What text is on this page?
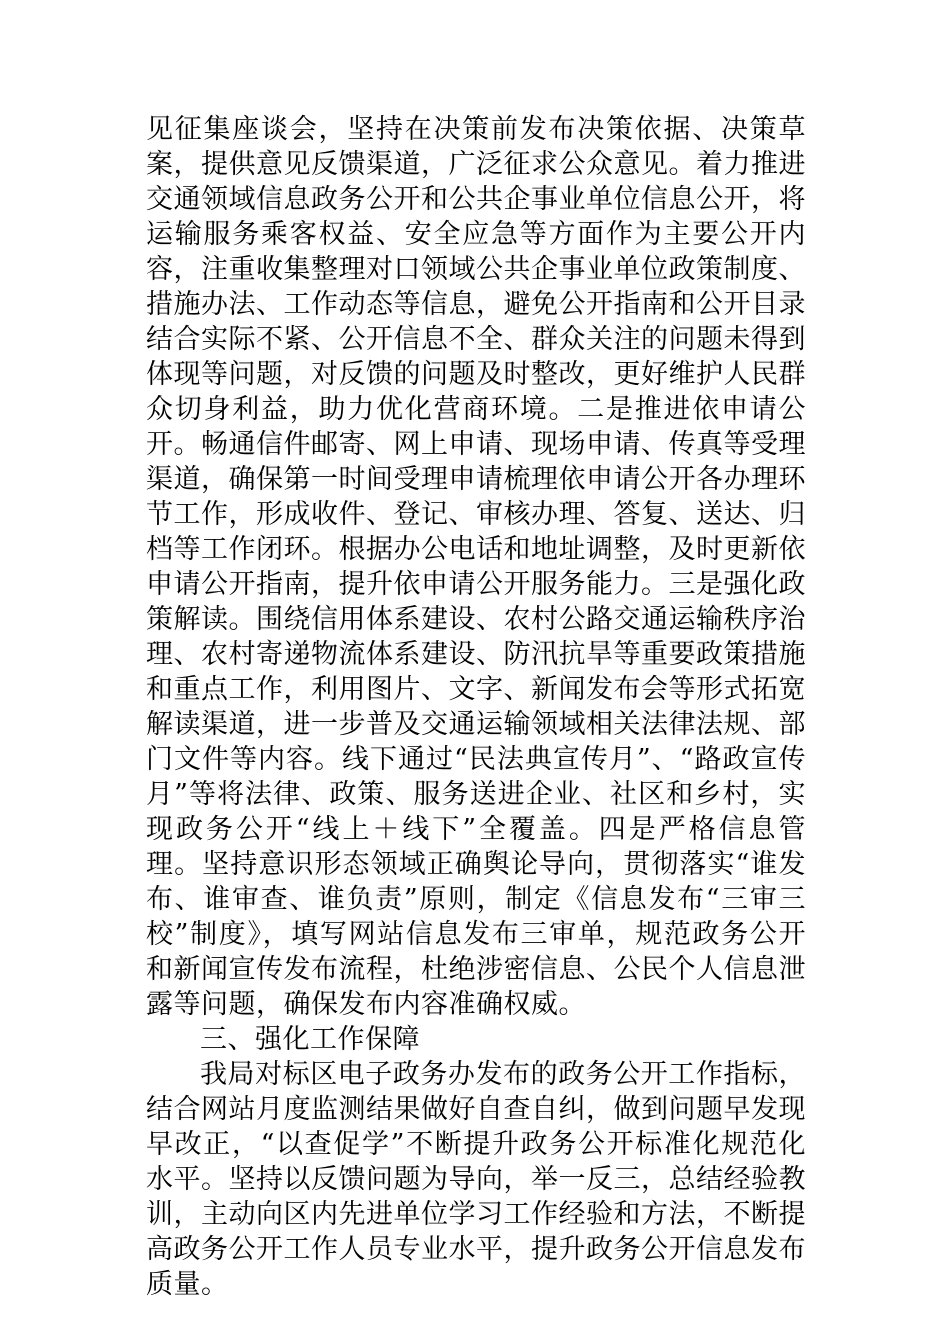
见征集座谈会，坚持在决策前发布决策依据、决策草案，提供意见反馈渠道，广泛征求公众意见。着力推进交通领域信息政务公开和公共企事业单位信息公开，将运输服务乘客权益、安全应急等方面作为主要公开内容，注重收集整理对口领域公共企事业单位政策制度、措施办法、工作动态等信息，避免公开指南和公开目录结合实际不紧、公开信息不全、群众关注的问题未得到体现等问题，对反馈的问题及时整改，更好维护人民群众切身利益，助力优化营商环境。二是推进依申请公开。畅通信件邮寄、网上申请、现场申请、传真等受理渠道，确保第一时间受理申请梳理依申请公开各办理环节工作，形成收件、登记、审核办理、答复、送达、归档等工作闭环。根据办公电话和地址调整，及时更新依申请公开指南，提升依申请公开服务能力。三是强化政策解读。围绕信用体系建设、农村公路交通运输秩序治理、农村寄递物流体系建设、防汛抗旱等重要政策措施和重点工作，利用图片、文字、新闻发布会等形式拓宽解读渠道，进一步普及交通运输领域相关法律法规、部门文件等内容。线下通过“民法典宣传月”、“路政宣传月”等将法律、政策、服务送进企业、社区和乡村，实现政务公开“线上＋线下”全覆盖。四是严格信息管理。坚持意识形态领域正确舆论导向，贯彻落实“谁发布、谁审查、谁负责”原则，制定《信息发布“三审三校”制度》，填写网站信息发布三审单，规范政务公开和新闻宣传发布流程，杜绝涉密信息、公民个人信息泄露等问题，确保发布内容准确权威。

三、强化工作保障

我局对标区电子政务办发布的政务公开工作指标，结合网站月度监测结果做好自查自纠，做到问题早发现早改正，“以查促学”不断提升政务公开标准化规范化水平。坚持以反馈问题为导向，举一反三，总结经验教训，主动向区内先进单位学习工作经验和方法，不断提高政务公开工作人员专业水平，提升政务公开信息发布质量。
